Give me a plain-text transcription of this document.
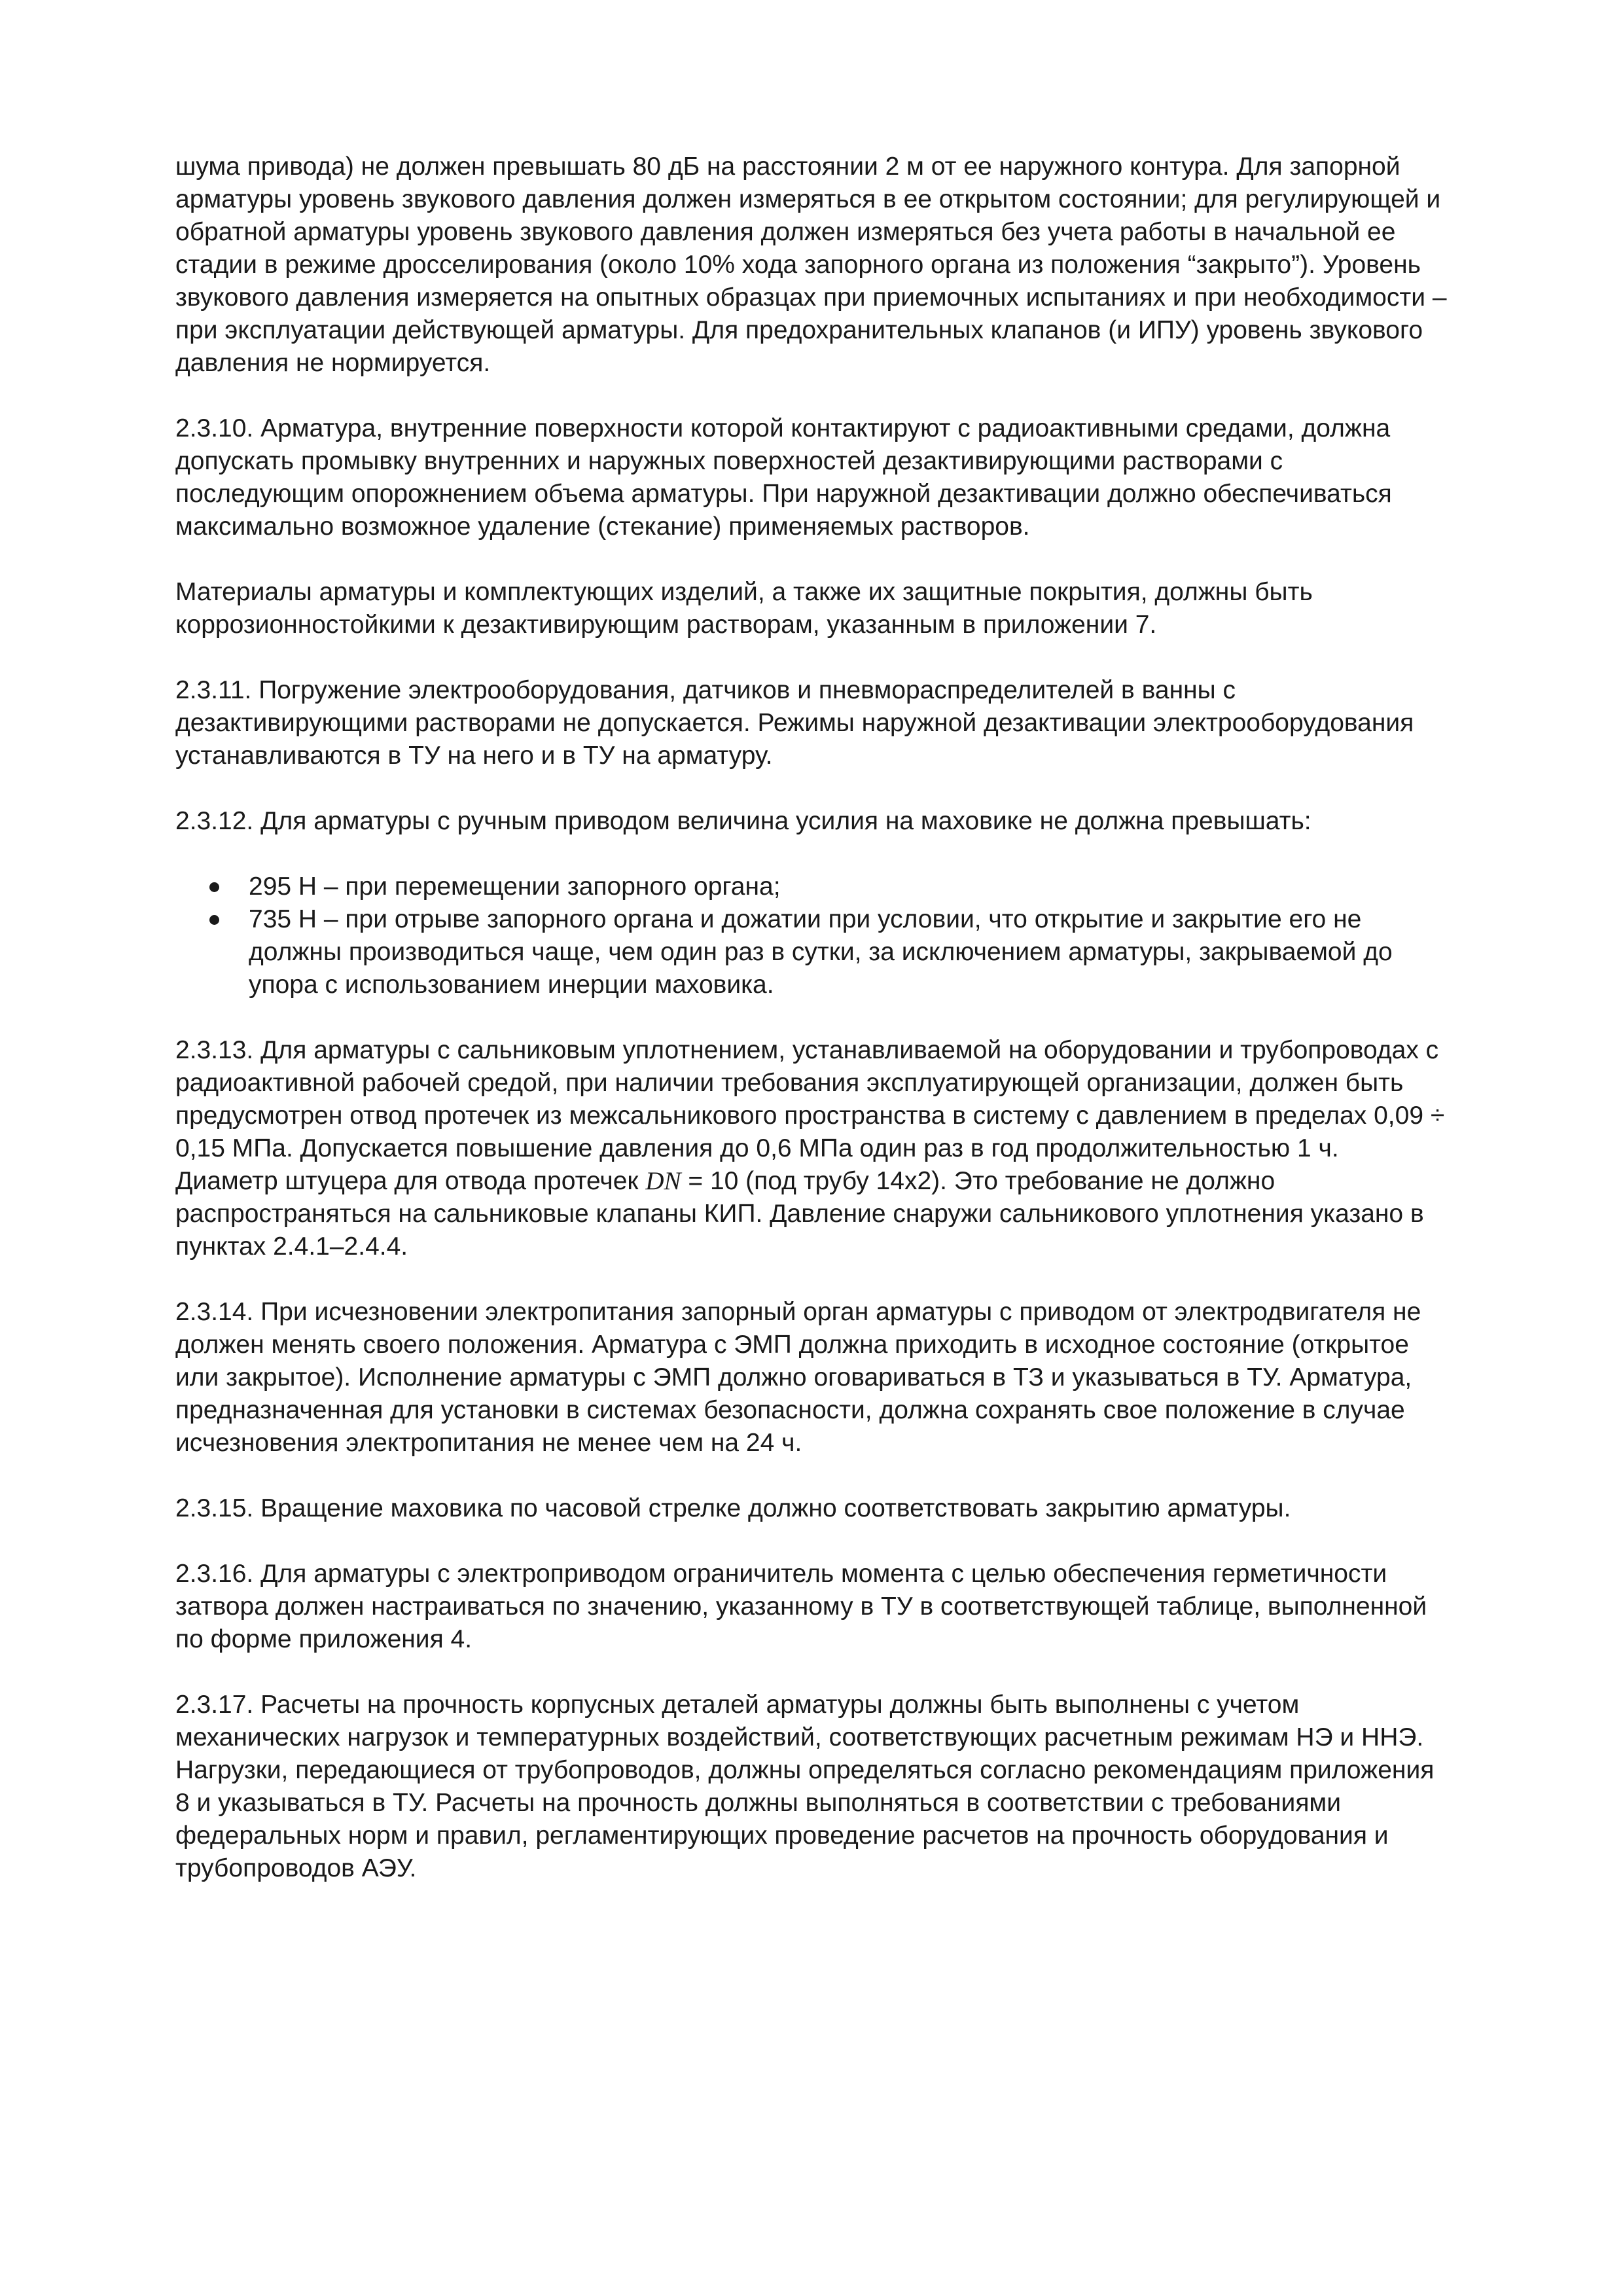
шума привода) не должен превышать 80 дБ на расстоянии 2 м от ее наружного контура. Для запорной арматуры уровень звукового давления должен измеряться в ее открытом состоянии; для регулирующей и обратной арматуры уровень звукового давления должен измеряться без учета работы в начальной ее стадии в режиме дросселирования (около 10% хода запорного органа из положения “закрыто”). Уровень звукового давления измеряется на опытных образцах при приемочных испытаниях и при необходимости – при эксплуатации действующей арматуры. Для предохранительных клапанов (и ИПУ) уровень звукового давления не нормируется.

2.3.10. Арматура, внутренние поверхности которой контактируют с радиоактивными средами, должна допускать промывку внутренних и наружных поверхностей дезактивирующими растворами с последующим опорожнением объема арматуры. При наружной дезактивации должно обеспечиваться максимально возможное удаление (стекание) применяемых растворов.

Материалы арматуры и комплектующих изделий, а также их защитные покрытия, должны быть коррозионностойкими к дезактивирующим растворам, указанным в приложении 7.

2.3.11. Погружение электрооборудования, датчиков и пневмораспределителей в ванны с дезактивирующими растворами не допускается. Режимы наружной дезактивации электрооборудования устанавливаются в ТУ на него и в ТУ на арматуру.

2.3.12. Для арматуры с ручным приводом величина усилия на маховике не должна превышать:

295 Н – при перемещении запорного органа;
735 Н – при отрыве запорного органа и дожатии при условии, что открытие и закрытие его не должны производиться чаще, чем один раз в сутки, за исключением арматуры, закрываемой до упора с использованием инерции маховика.

2.3.13. Для арматуры с сальниковым уплотнением, устанавливаемой на оборудовании и трубопроводах с радиоактивной рабочей средой, при наличии требования эксплуатирующей организации, должен быть предусмотрен отвод протечек из межсальникового пространства в систему с давлением в пределах 0,09 ÷ 0,15 МПа. Допускается повышение давления до 0,6 МПа один раз в год продолжительностью 1 ч. Диаметр штуцера для отвода протечек DN = 10 (под трубу 14х2). Это требование не должно распространяться на сальниковые клапаны КИП. Давление снаружи сальникового уплотнения указано в пунктах 2.4.1–2.4.4.

2.3.14. При исчезновении электропитания запорный орган арматуры с приводом от электродвигателя не должен менять своего положения. Арматура с ЭМП должна приходить в исходное состояние (открытое или закрытое). Исполнение арматуры с ЭМП должно оговариваться в ТЗ и указываться в ТУ. Арматура, предназначенная для установки в системах безопасности, должна сохранять свое положение в случае исчезновения электропитания не менее чем на 24 ч.

2.3.15. Вращение маховика по часовой стрелке должно соответствовать закрытию арматуры.

2.3.16. Для арматуры с электроприводом ограничитель момента с целью обеспечения герметичности затвора должен настраиваться по значению, указанному в ТУ в соответствующей таблице, выполненной по форме приложения 4.

2.3.17. Расчеты на прочность корпусных деталей арматуры должны быть выполнены с учетом механических нагрузок и температурных воздействий, соответствующих расчетным режимам НЭ и ННЭ. Нагрузки, передающиеся от трубопроводов, должны определяться согласно рекомендациям приложения 8 и указываться в ТУ. Расчеты на прочность должны выполняться в соответствии с требованиями федеральных норм и правил, регламентирующих проведение расчетов на прочность оборудования и трубопроводов АЭУ.
